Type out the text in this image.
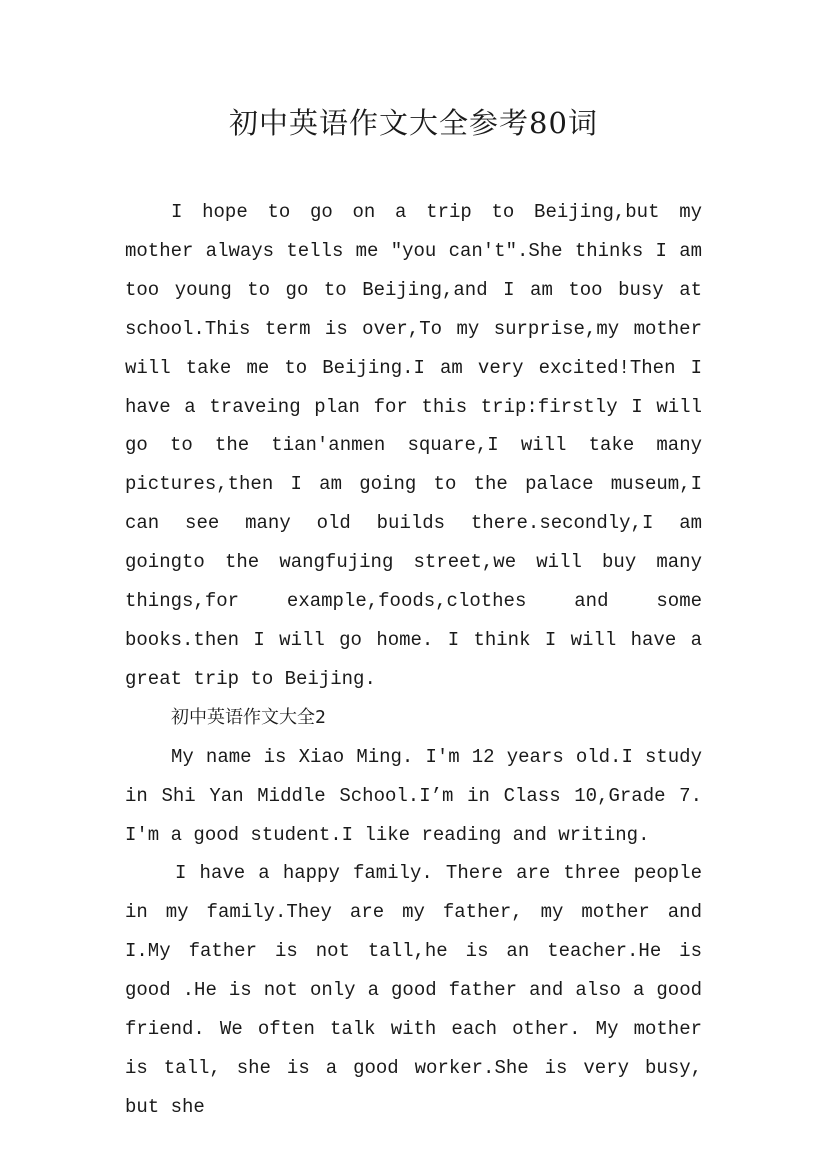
初中英语作文大全参考80词

I hope to go on a trip to Beijing,but my mother always tells me "you can't".She thinks I am too young to go to Beijing,and I am too busy at school.This term is over,To my surprise,my mother will take me to Beijing.I am very excited!Then I have a traveing plan for this trip:firstly I will go to the tian'anmen square,I will take many pictures,then I am going to the palace museum,I can see many old builds there.secondly,I am goingto the wangfujing street,we will buy many things,for example,foods,clothes and some books.then I will go home. I think I will have a great trip to Beijing.

初中英语作文大全2

My name is Xiao Ming. I'm 12 years old.I study in Shi Yan Middle School.I’m in Class 10,Grade 7. I'm a good student.I like reading and writing.

I have a happy family. There are three people in my family.They are my father, my mother and I.My father is not tall,he is an teacher.He is good .He is not only a good father and also a good friend. We often talk with each other. My mother is tall, she is a good worker.She is very busy, but she
